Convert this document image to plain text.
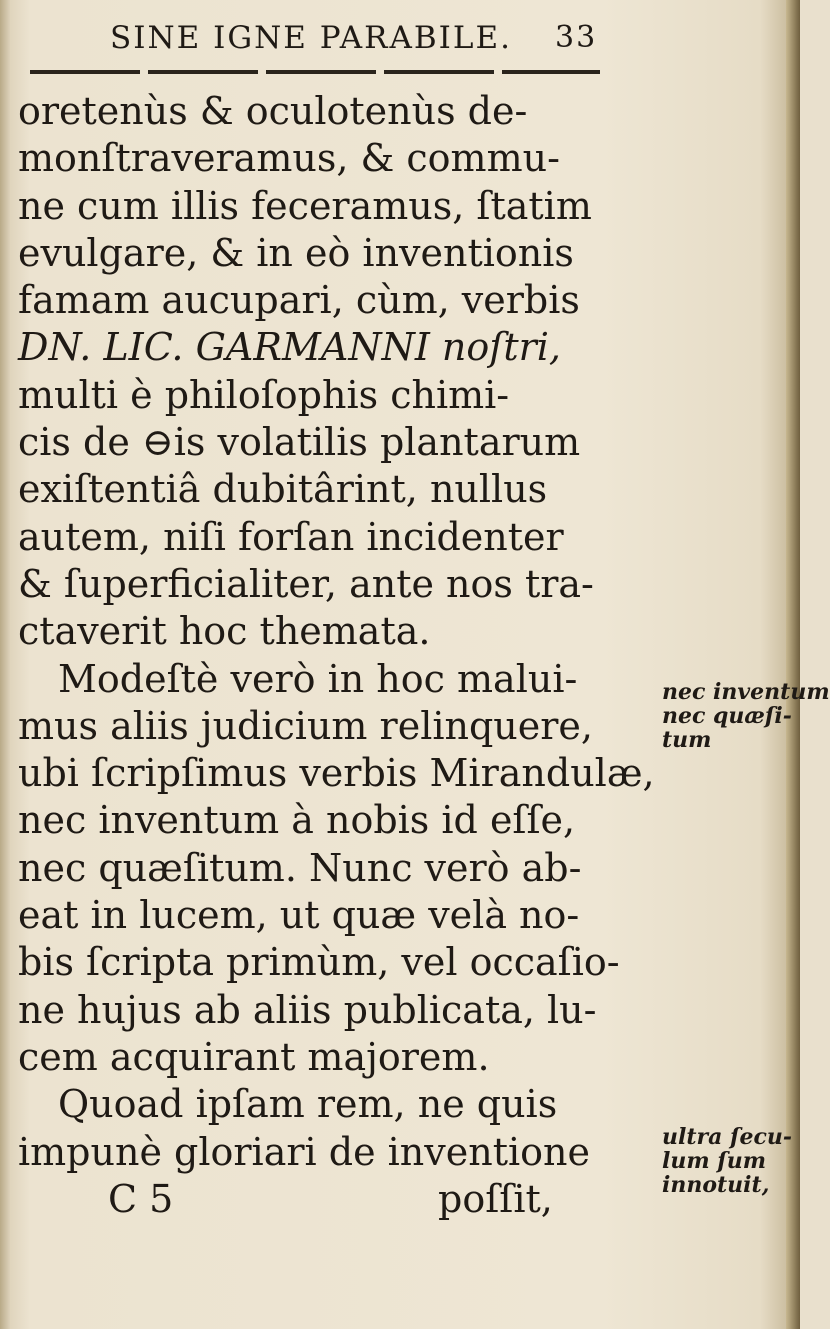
SINE IGNE PARABILE. 33
oretenùs & oculotenùs de-
monſtraveramus, & commu-
ne cum illis feceramus, ſtatim
evulgare, & in eò inventionis
famam aucupari, cùm, verbis
DN. LIC. GARMANNI noſtri,
multi è philoſophis chimi-
cis de ⊖is volatilis plantarum
exiſtentiâ dubitârint, nullus
autem, niſi forſan incidenter
& ſuperficialiter, ante nos tra-
ctaverit hoc themata.
Modeſtè verò in hoc malui-
mus aliis judicium relinquere,
ubi ſcripſimus verbis Mirandulæ,
nec inventum à nobis id eſſe,
nec quæſitum. Nunc verò ab-
eat in lucem, ut quæ velà no-
bis ſcripta primùm, vel occaſio-
ne hujus ab aliis publicata, lu-
cem acquirant majorem.
Quoad ipſam rem, ne quis
impunè gloriari de inventione
C 5	poſſit,
nec inventum
nec quæſi-
tum
ultra ſecu-
lum ſum
innotuit,
